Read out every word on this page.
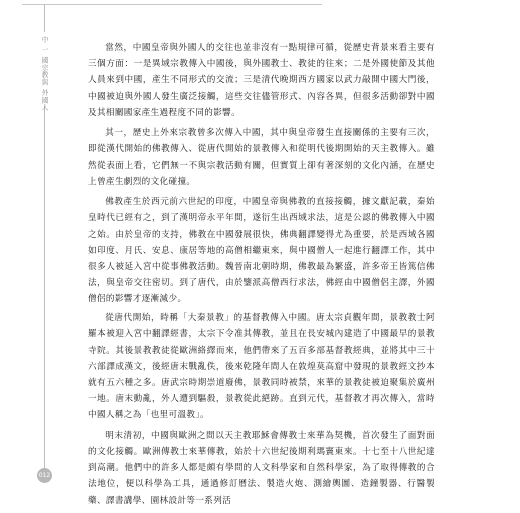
中 一 國宗教與 外國人
012

當然，中國皇帝與外國人的交往也並非沒有一點規律可循，從歷史背景來看主要有三個方面：一是異域宗教傳入中國後，與外國教士、教徒的往來；二是外國使節及其他人員來到中國，產生不同形式的交流；三是清代晚期西方國家以武力敲開中國大門後，中國被迫與外國人發生廣泛接觸，這些交往儘管形式、內容各異，但很多活動卻對中國及其相關國家產生過程度不同的影響。

其一，歷史上外來宗教曾多次傳入中國，其中與皇帝發生直接關係的主要有三次，即從漢代開始的佛教傳入、從唐代開始的景教傳入和從明代後期開始的天主教傳入。雖然從表面上看，它們無一不與宗教活動有關，但實質上卻有著深刻的文化內涵，在歷史上曾產生劇烈的文化碰撞。

佛教產生於西元前六世紀的印度，中國皇帝與佛教的直接接觸，據文獻記載，秦始皇時代已經有之，到了漢明帝永平年間，遂衍生出西域求法，這是公認的佛教傳入中國之始。由於皇帝的支持，佛教在中國發展很快，佛典翻譯變得尤為重要，於是西域各國如印度、月氏、安息、康居等地的高僧相繼東來，與中國僧人一起進行翻譯工作，其中很多人被延入宮中從事佛教活動。魏晉南北朝時期，佛教最為繁盛，許多帝王皆篤信佛法，與皇帝交往密切。到了唐代，由於鑒派高僧西行求法，佛經由中國僧侶主譯，外國僧侶的影響才逐漸減少。

從唐代開始，時稱「大秦景教」的基督教傳入中國。唐太宗貞觀年間，景教教士阿羅本被迎入宮中翻譯經書，太宗下令准其傳教，並且在長安城內建造了中國最早的景教寺院。其後景教教徒從歐洲絡繹而來，他們帶來了五百多部基督教經典，並將其中三十六部譯成漢文，後經唐末戰亂佚，後來乾隆年間人在敦煌莫高窟中發現的景教經文抄本就有五六種之多。唐武宗時期崇道廢佛，景教同時被禁，來華的景教徒被迫聚集於廣州一地。唐末動亂，外人遭到驅殺，景教從此絕跡。直到元代，基督教才再次傳入，當時中國人稱之為「也里可溫教」。

明末清初，中國與歐洲之間以天主教耶穌會傳教士來華為契機，首次發生了面對面的文化接觸。歐洲傳教士來華傳教，始於十六世紀後期利瑪竇東來。十七至十八世紀達到高潮。他們中的許多人都是頗有學問的人文科學家和自然科學家，為了取得傳教的合法地位，便以科學為工具，通過修訂曆法、製造火炮、測繪輿圖、造鐘製器、行醫製藥、譯書講學、園林設計等一系列活
